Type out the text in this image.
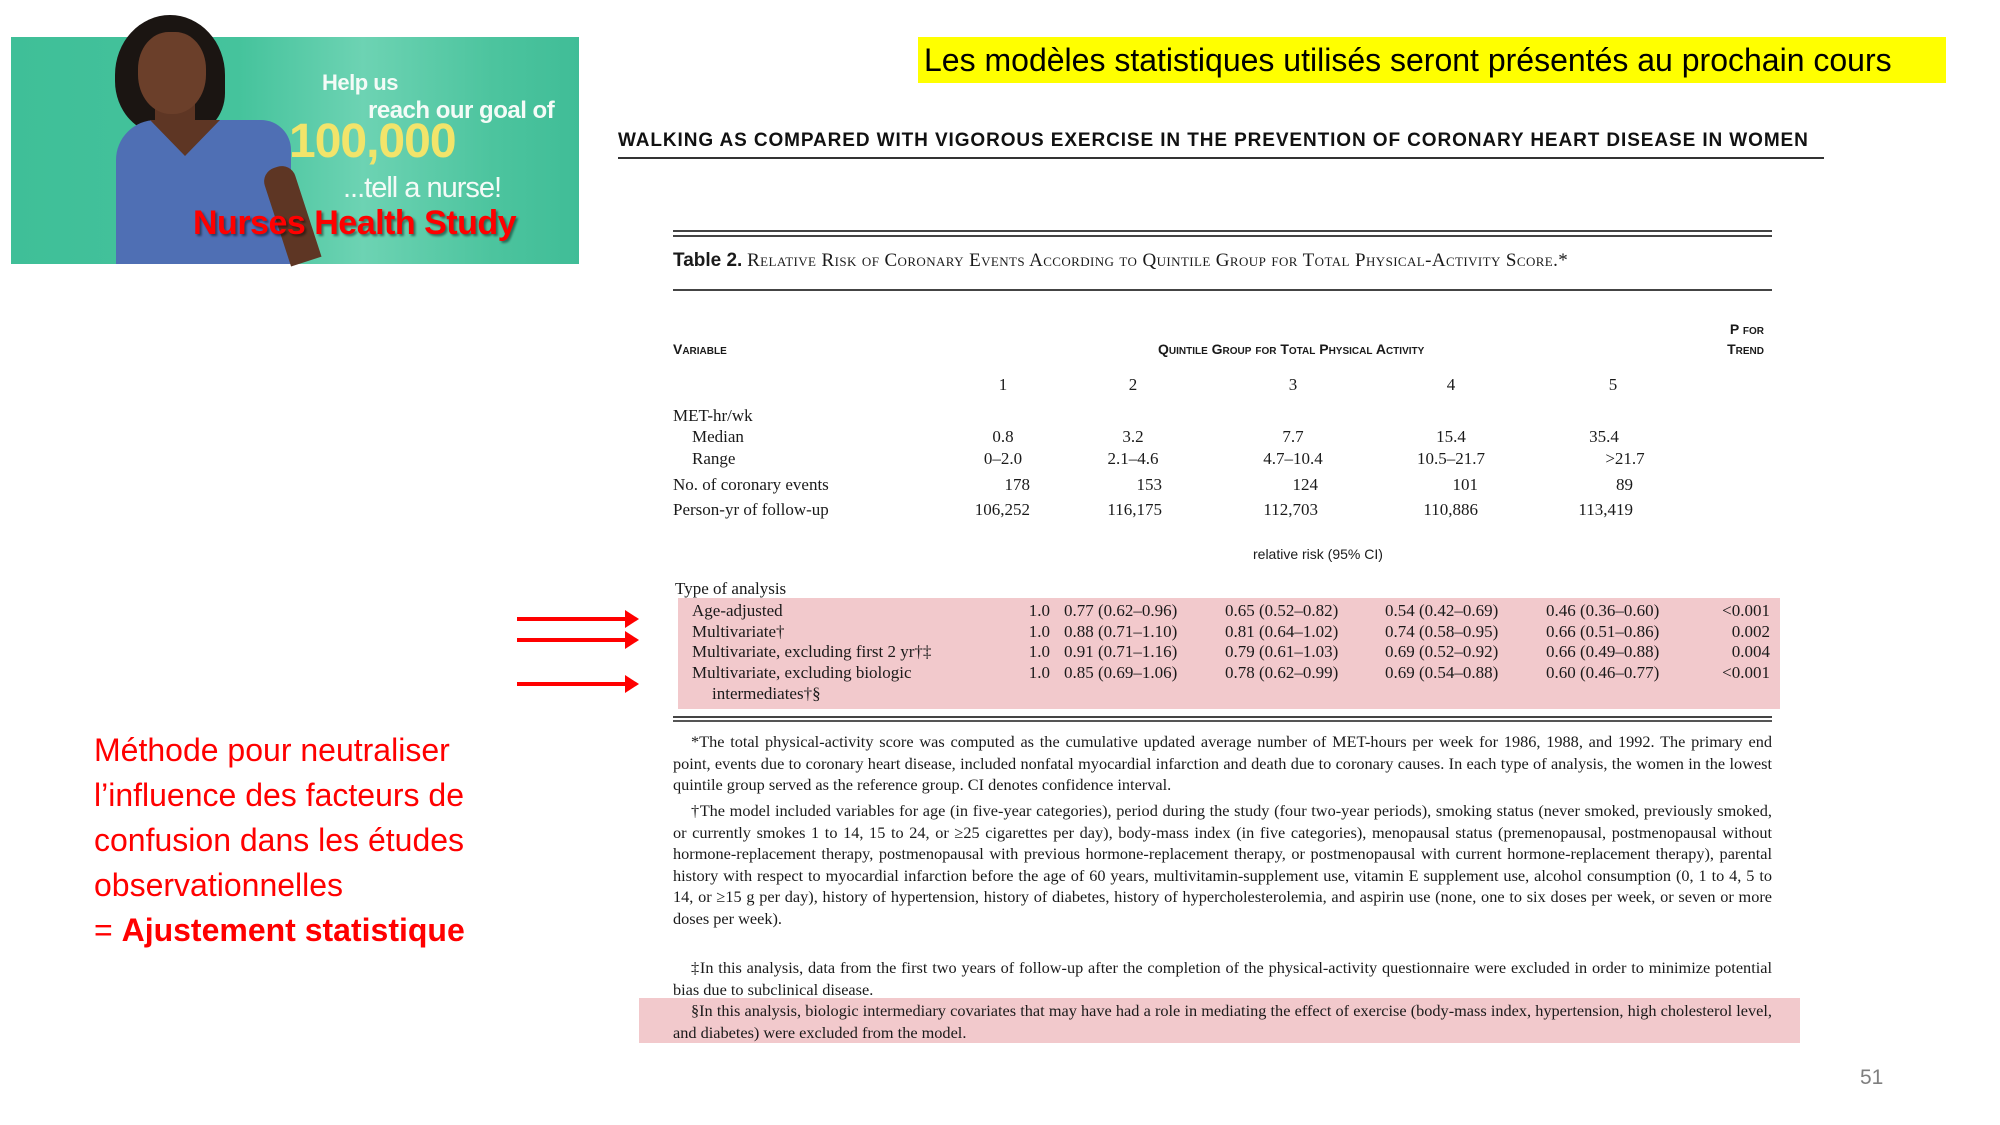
Help us
reach our goal of
100,000
...tell a nurse!
Nurses Health Study
Les modèles statistiques utilisés seront présentés au prochain cours
WALKING AS COMPARED WITH VIGOROUS EXERCISE IN THE PREVENTION OF CORONARY HEART DISEASE IN WOMEN
Table 2. Relative Risk of Coronary Events According to Quintile Group for Total Physical-Activity Score.*
Variable	Quintile Group for Total Physical Activity
P for
Trend
1	2	3	4	5
MET-hr/wk
Median	0.8	3.2	7.7	15.4	35.4
Range	0–2.0	2.1–4.6	4.7–10.4	10.5–21.7	>21.7
No. of coronary events	178	153	124	101	89
Person-yr of follow-up	106,252	116,175	112,703	110,886	113,419
relative risk (95% CI)
Type of analysis
Age-adjusted	1.0 0.77 (0.62–0.96)	0.65 (0.52–0.82)	0.54 (0.42–0.69)	0.46 (0.36–0.60)	<0.001
Multivariate†	1.0 0.88 (0.71–1.10)	0.81 (0.64–1.02)	0.74 (0.58–0.95)	0.66 (0.51–0.86)	0.002
Multivariate, excluding first 2 yr†‡	1.0 0.91 (0.71–1.16)	0.79 (0.61–1.03)	0.69 (0.52–0.92)	0.66 (0.49–0.88)	0.004
Multivariate, excluding biologic
intermediates†§
1.0 0.85 (0.69–1.06)	0.78 (0.62–0.99)	0.69 (0.54–0.88)	0.60 (0.46–0.77)	<0.001

*The total physical-activity score was computed as the cumulative updated average number of MET-hours per week for 1986, 1988, and 1992. The primary end point, events due to coronary heart disease, included nonfatal myocardial infarction and death due to coronary causes. In each type of analysis, the women in the lowest quintile group served as the reference group. CI denotes confidence interval.

†The model included variables for age (in five-year categories), period during the study (four two-year periods), smoking status (never smoked, previously smoked, or currently smokes 1 to 14, 15 to 24, or ≥25 cigarettes per day), body-mass index (in five categories), menopausal status (premenopausal, postmenopausal without hormone-replacement therapy, postmenopausal with previous hormone-replacement therapy, or postmenopausal with current hormone-replacement therapy), parental history with respect to myocardial infarction before the age of 60 years, multivitamin-supplement use, vitamin E supplement use, alcohol consumption (0, 1 to 4, 5 to 14, or ≥15 g per day), history of hypertension, history of diabetes, history of hypercholesterolemia, and aspirin use (none, one to six doses per week, or seven or more doses per week).

‡In this analysis, data from the first two years of follow-up after the completion of the physical-activity questionnaire were excluded in order to minimize potential bias due to subclinical disease.

§In this analysis, biologic intermediary covariates that may have had a role in mediating the effect of exercise (body-mass index, hypertension, high cholesterol level, and diabetes) were excluded from the model.

Méthode pour neutraliser
l’influence des facteurs de
confusion dans les études
observationnelles
= Ajustement statistique
51
